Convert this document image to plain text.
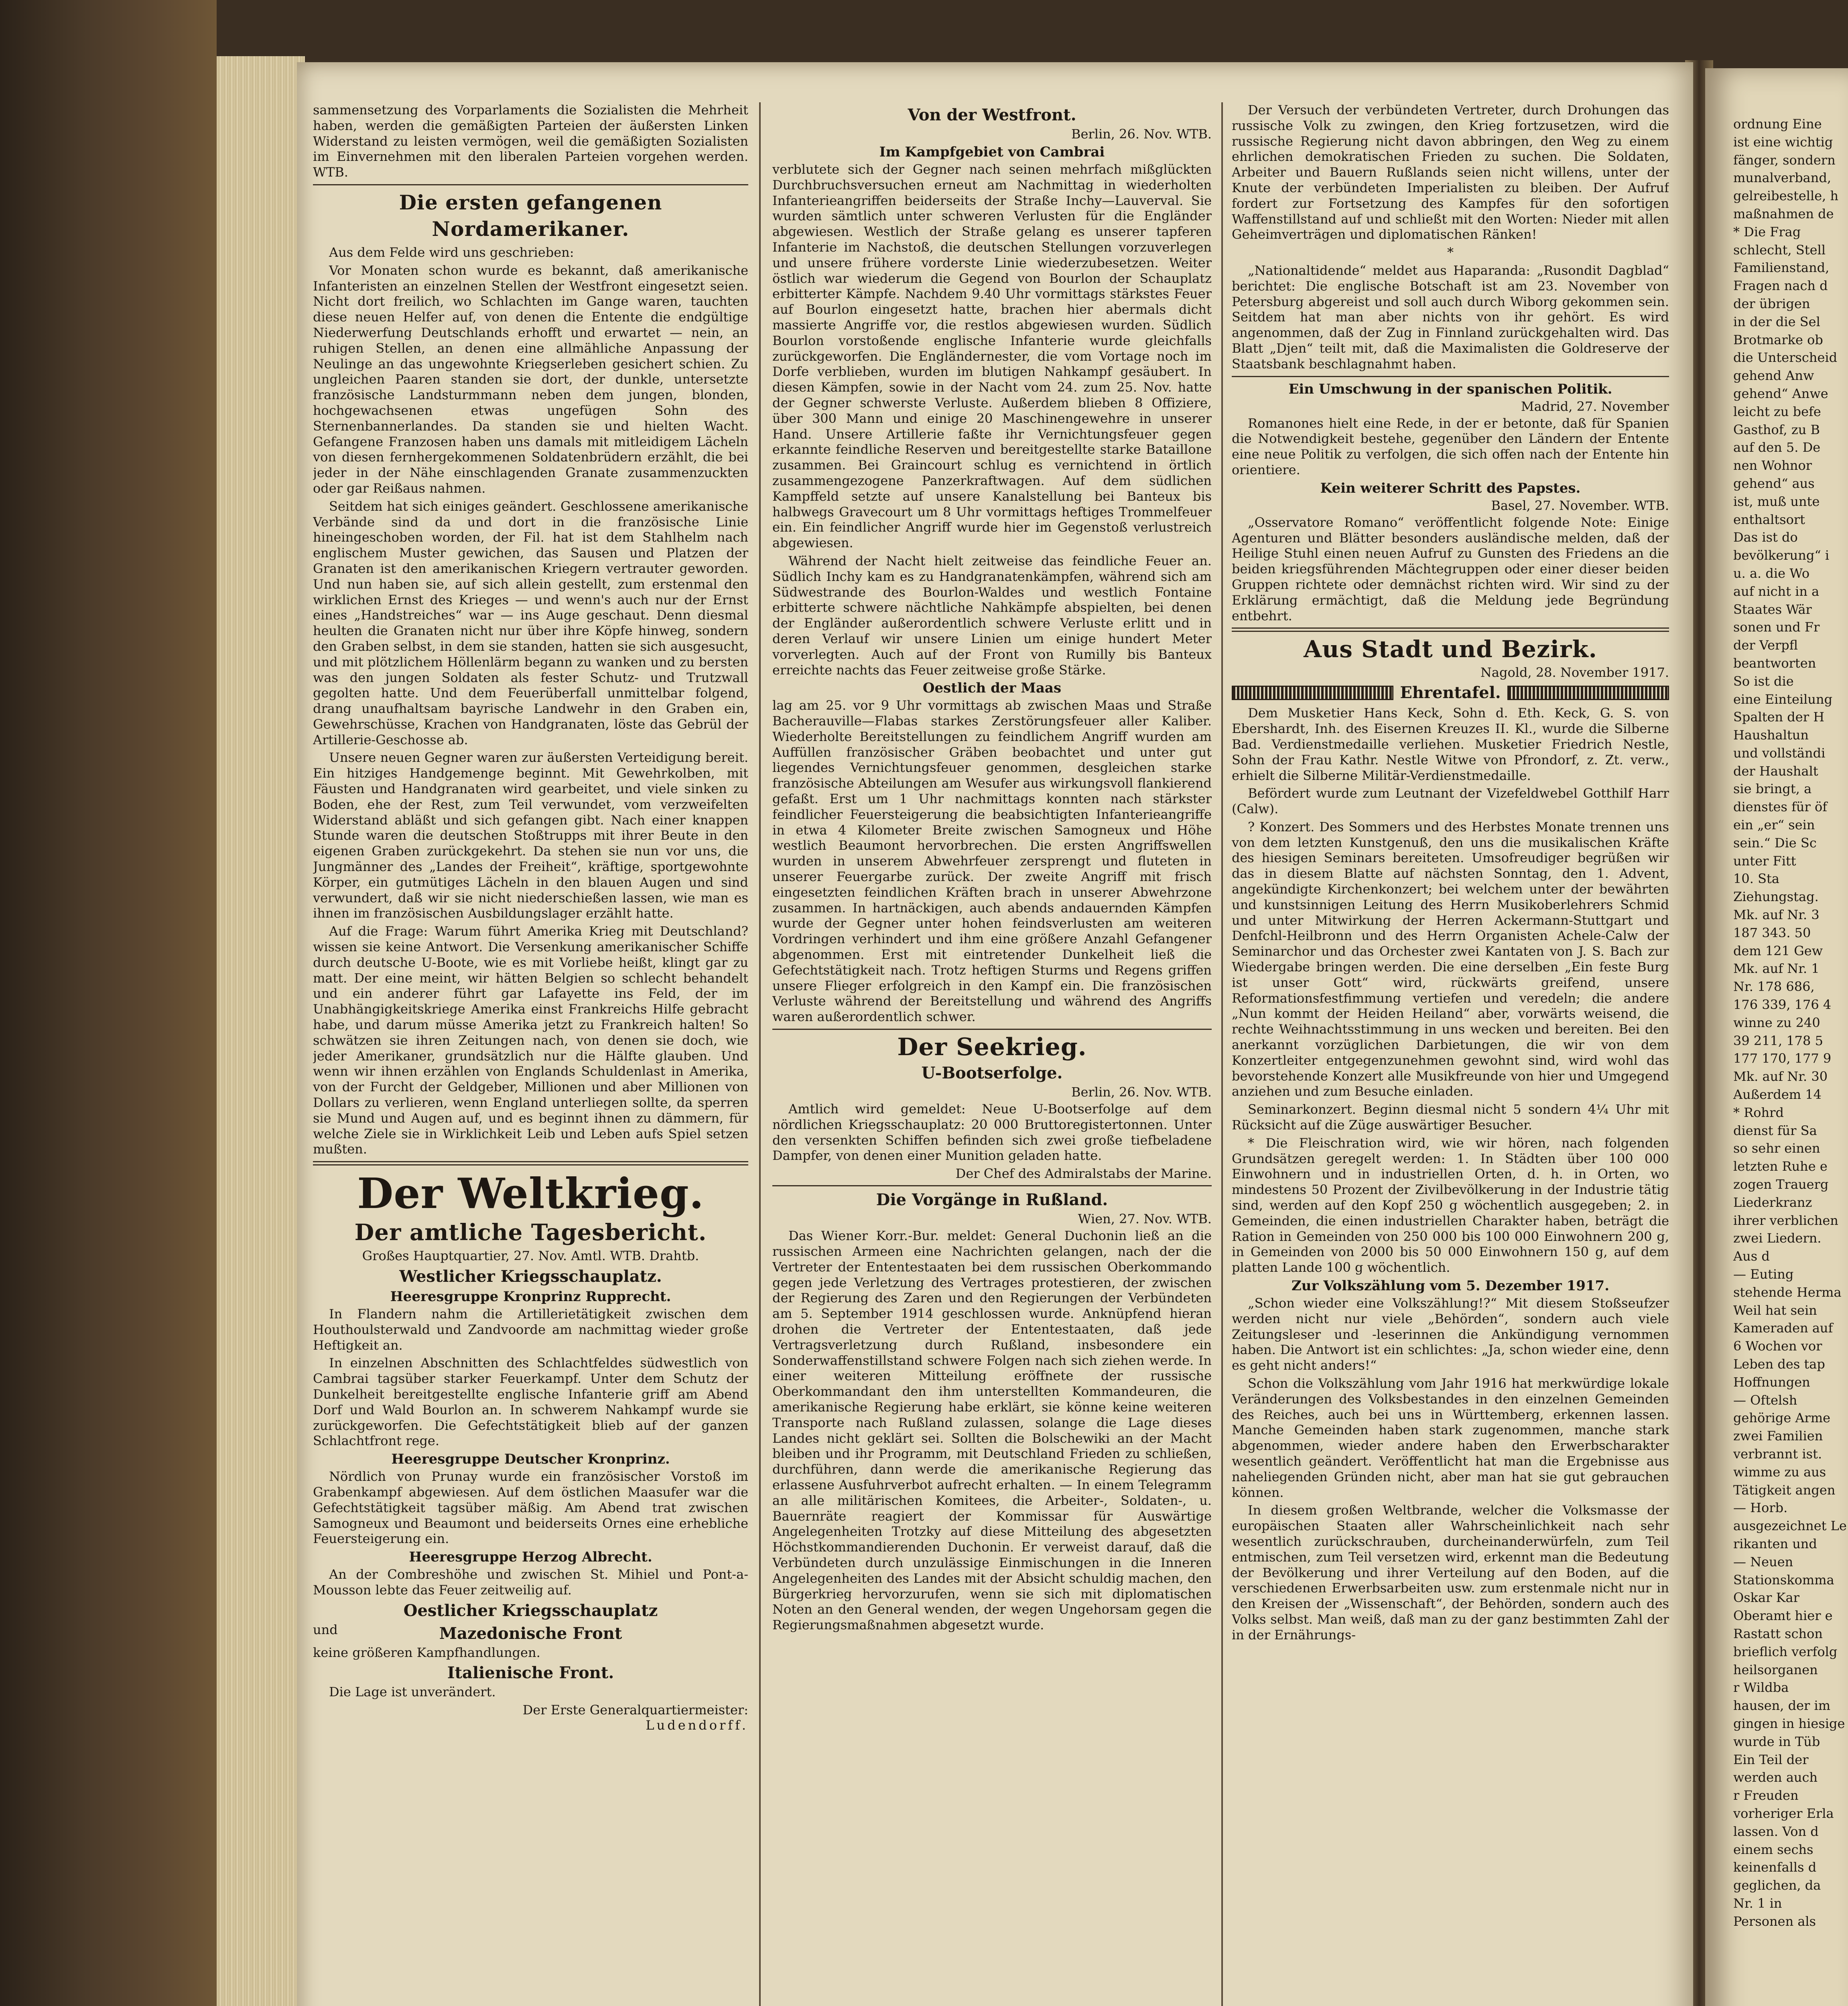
sammensetzung des Vorparlaments die Sozialisten die Mehrheit haben, werden die gemäßigten Parteien der äußersten Linken Widerstand zu leisten vermögen, weil die gemäßigten Sozialisten im Einvernehmen mit den liberalen Parteien vorgehen werden. WTB.

Die ersten gefangenen Nordamerikaner.

Aus dem Felde wird uns geschrieben:

Vor Monaten schon wurde es bekannt, daß amerikanische Infanteristen an einzelnen Stellen der Westfront eingesetzt seien. Nicht dort freilich, wo Schlachten im Gange waren, tauchten diese neuen Helfer auf, von denen die Entente die endgültige Niederwerfung Deutschlands erhofft und erwartet — nein, an ruhigen Stellen, an denen eine allmähliche Anpassung der Neulinge an das ungewohnte Kriegserleben gesichert schien. Zu ungleichen Paaren standen sie dort, der dunkle, untersetzte französische Landsturmmann neben dem jungen, blonden, hochgewachsenen etwas ungefügen Sohn des Sternenbannerlandes. Da standen sie und hielten Wacht. Gefangene Franzosen haben uns damals mit mitleidigem Lächeln von diesen fernhergekommenen Soldatenbrüdern erzählt, die bei jeder in der Nähe einschlagenden Granate zusammenzuckten oder gar Reißaus nahmen.

Seitdem hat sich einiges geändert. Geschlossene amerikanische Verbände sind da und dort in die französische Linie hineingeschoben worden, der Fil. hat ist dem Stahlhelm nach englischem Muster gewichen, das Sausen und Platzen der Granaten ist den amerikanischen Kriegern vertrauter geworden. Und nun haben sie, auf sich allein gestellt, zum erstenmal den wirklichen Ernst des Krieges — und wenn's auch nur der Ernst eines „Handstreiches“ war — ins Auge geschaut. Denn diesmal heulten die Granaten nicht nur über ihre Köpfe hinweg, sondern den Graben selbst, in dem sie standen, hatten sie sich ausgesucht, und mit plötzlichem Höllenlärm begann zu wanken und zu bersten was den jungen Soldaten als fester Schutz- und Trutzwall gegolten hatte. Und dem Feuerüberfall unmittelbar folgend, drang unaufhaltsam bayrische Landwehr in den Graben ein, Gewehrschüsse, Krachen von Handgranaten, löste das Gebrül der Artillerie-Geschosse ab.

Unsere neuen Gegner waren zur äußersten Verteidigung bereit. Ein hitziges Handgemenge beginnt. Mit Gewehrkolben, mit Fäusten und Handgranaten wird gearbeitet, und viele sinken zu Boden, ehe der Rest, zum Teil verwundet, vom verzweifelten Widerstand abläßt und sich gefangen gibt. Nach einer knappen Stunde waren die deutschen Stoßtrupps mit ihrer Beute in den eigenen Graben zurückgekehrt. Da stehen sie nun vor uns, die Jungmänner des „Landes der Freiheit“, kräftige, sportgewohnte Körper, ein gutmütiges Lächeln in den blauen Augen und sind verwundert, daß wir sie nicht niederschießen lassen, wie man es ihnen im französischen Ausbildungslager erzählt hatte.

Auf die Frage: Warum führt Amerika Krieg mit Deutschland? wissen sie keine Antwort. Die Versenkung amerikanischer Schiffe durch deutsche U-Boote, wie es mit Vorliebe heißt, klingt gar zu matt. Der eine meint, wir hätten Belgien so schlecht behandelt und ein anderer führt gar Lafayette ins Feld, der im Unabhängigkeitskriege Amerika einst Frankreichs Hilfe gebracht habe, und darum müsse Amerika jetzt zu Frankreich halten! So schwätzen sie ihren Zeitungen nach, von denen sie doch, wie jeder Amerikaner, grundsätzlich nur die Hälfte glauben. Und wenn wir ihnen erzählen von Englands Schuldenlast in Amerika, von der Furcht der Geldgeber, Millionen und aber Millionen von Dollars zu verlieren, wenn England unterliegen sollte, da sperren sie Mund und Augen auf, und es beginnt ihnen zu dämmern, für welche Ziele sie in Wirklichkeit Leib und Leben aufs Spiel setzen mußten.

Der Weltkrieg.
Der amtliche Tagesbericht.

Großes Hauptquartier, 27. Nov. Amtl. WTB. Drahtb.

Westlicher Kriegsschauplatz.
Heeresgruppe Kronprinz Rupprecht.

In Flandern nahm die Artillerietätigkeit zwischen dem Houthoulsterwald und Zandvoorde am nachmittag wieder große Heftigkeit an.

In einzelnen Abschnitten des Schlachtfeldes südwestlich von Cambrai tagsüber starker Feuerkampf. Unter dem Schutz der Dunkelheit bereitgestellte englische Infanterie griff am Abend Dorf und Wald Bourlon an. In schwerem Nahkampf wurde sie zurückgeworfen. Die Gefechtstätigkeit blieb auf der ganzen Schlachtfront rege.

Heeresgruppe Deutscher Kronprinz.

Nördlich von Prunay wurde ein französischer Vorstoß im Grabenkampf abgewiesen. Auf dem östlichen Maasufer war die Gefechtstätigkeit tagsüber mäßig. Am Abend trat zwischen Samogneux und Beaumont und beiderseits Ornes eine erhebliche Feuersteigerung ein.

Heeresgruppe Herzog Albrecht.

An der Combreshöhe und zwischen St. Mihiel und Pont-a-Mousson lebte das Feuer zeitweilig auf.

Oestlicher Kriegsschauplatz

und	Mazedonische Front

keine größeren Kampfhandlungen.

Italienische Front.

Die Lage ist unverändert.

Der Erste Generalquartiermeister:

Ludendorff.

Von der Westfront.

Berlin, 26. Nov. WTB.

Im Kampfgebiet von Cambrai

verblutete sich der Gegner nach seinen mehrfach mißglückten Durchbruchsversuchen erneut am Nachmittag in wiederholten Infanterieangriffen beiderseits der Straße Inchy—Lauverval. Sie wurden sämtlich unter schweren Verlusten für die Engländer abgewiesen. Westlich der Straße gelang es unserer tapferen Infanterie im Nachstoß, die deutschen Stellungen vorzuverlegen und unsere frühere vorderste Linie wiederzubesetzen. Weiter östlich war wiederum die Gegend von Bourlon der Schauplatz erbitterter Kämpfe. Nachdem 9.40 Uhr vormittags stärkstes Feuer auf Bourlon eingesetzt hatte, brachen hier abermals dicht massierte Angriffe vor, die restlos abgewiesen wurden. Südlich Bourlon vorstoßende englische Infanterie wurde gleichfalls zurückgeworfen. Die Engländernester, die vom Vortage noch im Dorfe verblieben, wurden im blutigen Nahkampf gesäubert. In diesen Kämpfen, sowie in der Nacht vom 24. zum 25. Nov. hatte der Gegner schwerste Verluste. Außerdem blieben 8 Offiziere, über 300 Mann und einige 20 Maschinengewehre in unserer Hand. Unsere Artillerie faßte ihr Vernichtungsfeuer gegen erkannte feindliche Reserven und bereitgestellte starke Bataillone zusammen. Bei Graincourt schlug es vernichtend in örtlich zusammengezogene Panzerkraftwagen. Auf dem südlichen Kampffeld setzte auf unsere Kanalstellung bei Banteux bis halbwegs Gravecourt um 8 Uhr vormittags heftiges Trommelfeuer ein. Ein feindlicher Angriff wurde hier im Gegenstoß verlustreich abgewiesen.

Während der Nacht hielt zeitweise das feindliche Feuer an. Südlich Inchy kam es zu Handgranatenkämpfen, während sich am Südwestrande des Bourlon-Waldes und westlich Fontaine erbitterte schwere nächtliche Nahkämpfe abspielten, bei denen der Engländer außerordentlich schwere Verluste erlitt und in deren Verlauf wir unsere Linien um einige hundert Meter vorverlegten. Auch auf der Front von Rumilly bis Banteux erreichte nachts das Feuer zeitweise große Stärke.

Oestlich der Maas

lag am 25. vor 9 Uhr vormittags ab zwischen Maas und Straße Bacherauville—Flabas starkes Zerstörungsfeuer aller Kaliber. Wiederholte Bereitstellungen zu feindlichem Angriff wurden am Auffüllen französischer Gräben beobachtet und unter gut liegendes Vernichtungsfeuer genommen, desgleichen starke französische Abteilungen am Wesufer aus wirkungsvoll flankierend gefaßt. Erst um 1 Uhr nachmittags konnten nach stärkster feindlicher Feuersteigerung die beabsichtigten Infanterieangriffe in etwa 4 Kilometer Breite zwischen Samogneux und Höhe westlich Beaumont hervorbrechen. Die ersten Angriffswellen wurden in unserem Abwehrfeuer zersprengt und fluteten in unserer Feuergarbe zurück. Der zweite Angriff mit frisch eingesetzten feindlichen Kräften brach in unserer Abwehrzone zusammen. In hartnäckigen, auch abends andauernden Kämpfen wurde der Gegner unter hohen feindsverlusten am weiteren Vordringen verhindert und ihm eine größere Anzahl Gefangener abgenommen. Erst mit eintretender Dunkelheit ließ die Gefechtstätigkeit nach. Trotz heftigen Sturms und Regens griffen unsere Flieger erfolgreich in den Kampf ein. Die französischen Verluste während der Bereitstellung und während des Angriffs waren außerordentlich schwer.

Der Seekrieg.
U-Bootserfolge.

Berlin, 26. Nov. WTB.

Amtlich wird gemeldet: Neue U-Bootserfolge auf dem nördlichen Kriegsschauplatz: 20 000 Bruttoregistertonnen. Unter den versenkten Schiffen befinden sich zwei große tiefbeladene Dampfer, von denen einer Munition geladen hatte.

Der Chef des Admiralstabs der Marine.

Die Vorgänge in Rußland.

Wien, 27. Nov. WTB.

Das Wiener Korr.-Bur. meldet: General Duchonin ließ an die russischen Armeen eine Nachrichten gelangen, nach der die Vertreter der Ententestaaten bei dem russischen Oberkommando gegen jede Verletzung des Vertrages protestieren, der zwischen der Regierung des Zaren und den Regierungen der Verbündeten am 5. September 1914 geschlossen wurde. Anknüpfend hieran drohen die Vertreter der Ententestaaten, daß jede Vertragsverletzung durch Rußland, insbesondere ein Sonderwaffenstillstand schwere Folgen nach sich ziehen werde. In einer weiteren Mitteilung eröffnete der russische Oberkommandant den ihm unterstellten Kommandeuren, die amerikanische Regierung habe erklärt, sie könne keine weiteren Transporte nach Rußland zulassen, solange die Lage dieses Landes nicht geklärt sei. Sollten die Bolschewiki an der Macht bleiben und ihr Programm, mit Deutschland Frieden zu schließen, durchführen, dann werde die amerikanische Regierung das erlassene Ausfuhrverbot aufrecht erhalten. — In einem Telegramm an alle militärischen Komitees, die Arbeiter-, Soldaten-, u. Bauernräte reagiert der Kommissar für Auswärtige Angelegenheiten Trotzky auf diese Mitteilung des abgesetzten Höchstkommandierenden Duchonin. Er verweist darauf, daß die Verbündeten durch unzulässige Einmischungen in die Inneren Angelegenheiten des Landes mit der Absicht schuldig machen, den Bürgerkrieg hervorzurufen, wenn sie sich mit diplomatischen Noten an den General wenden, der wegen Ungehorsam gegen die Regierungsmaßnahmen abgesetzt wurde.

Der Versuch der verbündeten Vertreter, durch Drohungen das russische Volk zu zwingen, den Krieg fortzusetzen, wird die russische Regierung nicht davon abbringen, den Weg zu einem ehrlichen demokratischen Frieden zu suchen. Die Soldaten, Arbeiter und Bauern Rußlands seien nicht willens, unter der Knute der verbündeten Imperialisten zu bleiben. Der Aufruf fordert zur Fortsetzung des Kampfes für den sofortigen Waffenstillstand auf und schließt mit den Worten: Nieder mit allen Geheimverträgen und diplomatischen Ränken!

*

„Nationaltidende“ meldet aus Haparanda: „Rusondit Dagblad“ berichtet: Die englische Botschaft ist am 23. November von Petersburg abgereist und soll auch durch Wiborg gekommen sein. Seitdem hat man aber nichts von ihr gehört. Es wird angenommen, daß der Zug in Finnland zurückgehalten wird. Das Blatt „Djen“ teilt mit, daß die Maximalisten die Goldreserve der Staatsbank beschlagnahmt haben.

Ein Umschwung in der spanischen Politik.

Madrid, 27. November

Romanones hielt eine Rede, in der er betonte, daß für Spanien die Notwendigkeit bestehe, gegenüber den Ländern der Entente eine neue Politik zu verfolgen, die sich offen nach der Entente hin orientiere.

Kein weiterer Schritt des Papstes.

Basel, 27. November. WTB.

„Osservatore Romano“ veröffentlicht folgende Note: Einige Agenturen und Blätter besonders ausländische melden, daß der Heilige Stuhl einen neuen Aufruf zu Gunsten des Friedens an die beiden kriegsführenden Mächtegruppen oder einer dieser beiden Gruppen richtete oder demnächst richten wird. Wir sind zu der Erklärung ermächtigt, daß die Meldung jede Begründung entbehrt.

Aus Stadt und Bezirk.

Nagold, 28. November 1917.

Ehrentafel.

Dem Musketier Hans Keck, Sohn d. Eth. Keck, G. S. von Ebershardt, Inh. des Eisernen Kreuzes II. Kl., wurde die Silberne Bad. Verdienstmedaille verliehen. Musketier Friedrich Nestle, Sohn der Frau Kathr. Nestle Witwe von Pfrondorf, z. Zt. verw., erhielt die Silberne Militär-Verdienstmedaille.

Befördert wurde zum Leutnant der Vizefeldwebel Gotthilf Harr (Calw).

? Konzert. Des Sommers und des Herbstes Monate trennen uns von dem letzten Kunstgenuß, den uns die musikalischen Kräfte des hiesigen Seminars bereiteten. Umsofreudiger begrüßen wir das in diesem Blatte auf nächsten Sonntag, den 1. Advent, angekündigte Kirchenkonzert; bei welchem unter der bewährten und kunstsinnigen Leitung des Herrn Musikoberlehrers Schmid und unter Mitwirkung der Herren Ackermann-Stuttgart und Denfchl-Heilbronn und des Herrn Organisten Achele-Calw der Seminarchor und das Orchester zwei Kantaten von J. S. Bach zur Wiedergabe bringen werden. Die eine derselben „Ein feste Burg ist unser Gott“ wird, rückwärts greifend, unsere Reformationsfestfimmung vertiefen und veredeln; die andere „Nun kommt der Heiden Heiland“ aber, vorwärts weisend, die rechte Weihnachtsstimmung in uns wecken und bereiten. Bei den anerkannt vorzüglichen Darbietungen, die wir von dem Konzertleiter entgegenzunehmen gewohnt sind, wird wohl das bevorstehende Konzert alle Musikfreunde von hier und Umgegend anziehen und zum Besuche einladen.

Seminarkonzert. Beginn diesmal nicht 5 sondern 4¼ Uhr mit Rücksicht auf die Züge auswärtiger Besucher.

* Die Fleischration wird, wie wir hören, nach folgenden Grundsätzen geregelt werden: 1. In Städten über 100 000 Einwohnern und in industriellen Orten, d. h. in Orten, wo mindestens 50 Prozent der Zivilbevölkerung in der Industrie tätig sind, werden auf den Kopf 250 g wöchentlich ausgegeben; 2. in Gemeinden, die einen industriellen Charakter haben, beträgt die Ration in Gemeinden von 250 000 bis 100 000 Einwohnern 200 g, in Gemeinden von 2000 bis 50 000 Einwohnern 150 g, auf dem platten Lande 100 g wöchentlich.

Zur Volkszählung vom 5. Dezember 1917.

„Schon wieder eine Volkszählung!?“ Mit diesem Stoßseufzer werden nicht nur viele „Behörden“, sondern auch viele Zeitungsleser und -leserinnen die Ankündigung vernommen haben. Die Antwort ist ein schlichtes: „Ja, schon wieder eine, denn es geht nicht anders!“

Schon die Volkszählung vom Jahr 1916 hat merkwürdige lokale Veränderungen des Volksbestandes in den einzelnen Gemeinden des Reiches, auch bei uns in Württemberg, erkennen lassen. Manche Gemeinden haben stark zugenommen, manche stark abgenommen, wieder andere haben den Erwerbscharakter wesentlich geändert. Veröffentlicht hat man die Ergebnisse aus naheliegenden Gründen nicht, aber man hat sie gut gebrauchen können.

In diesem großen Weltbrande, welcher die Volksmasse der europäischen Staaten aller Wahrscheinlichkeit nach sehr wesentlich zurückschrauben, durcheinanderwürfeln, zum Teil entmischen, zum Teil versetzen wird, erkennt man die Bedeutung der Bevölkerung und ihrer Verteilung auf den Boden, auf die verschiedenen Erwerbsarbeiten usw. zum erstenmale nicht nur in den Kreisen der „Wissenschaft“, der Behörden, sondern auch des Volks selbst. Man weiß, daß man zu der ganz bestimmten Zahl der in der Ernährungs-

ordnung Eine

ist eine wichtig

fänger, sondern

munalverband,

gelreibestelle, h

maßnahmen de

* Die Frag

schlecht, Stell

Familienstand,

Fragen nach d

der übrigen

in der die Sel

Brotmarke ob

die Unterscheid

gehend Anw

gehend“ Anwe

leicht zu befe

Gasthof, zu B

auf den 5. De

nen Wohnor

gehend“ aus

ist, muß unte

enthaltsort

Das ist do

bevölkerung“ i

u. a. die Wo

auf nicht in a

Staates Wär

sonen und Fr

der Verpfl

beantworten

So ist die

eine Einteilung

Spalten der H

Haushaltun

und vollständi

der Haushalt

sie bringt, a

dienstes für öf

ein „er“ sein

sein.“ Die Sc

unter Fitt

10. Sta

Ziehungstag.

Mk. auf Nr. 3

187 343. 50

dem 121 Gew

Mk. auf Nr. 1

Nr. 178 686,

176 339, 176 4

winne zu 240

39 211, 178 5

177 170, 177 9

Mk. auf Nr. 30

Außerdem 14

* Rohrd

dienst für Sa

so sehr einen

letzten Ruhe e

zogen Trauerg

Liederkranz

ihrer verblichen

zwei Liedern.

Aus d

— Euting

stehende Herma

Weil hat sein

Kameraden auf

6 Wochen vor

Leben des tap

Hoffnungen

— Oftelsh

gehörige Arme

zwei Familien

verbrannt ist.

wimme zu aus

Tätigkeit angen

— Horb.

ausgezeichnet Le

rikanten und

— Neuen

Stationskomma

Oskar Kar

Oberamt hier e

Rastatt schon

brieflich verfolg

heilsorganen

r Wildba

hausen, der im

gingen in hiesige

wurde in Tüb

Ein Teil der

werden auch

r Freuden

vorheriger Erla

lassen. Von d

einem sechs

keinenfalls d

geglichen, da

Nr. 1 in

Personen als
